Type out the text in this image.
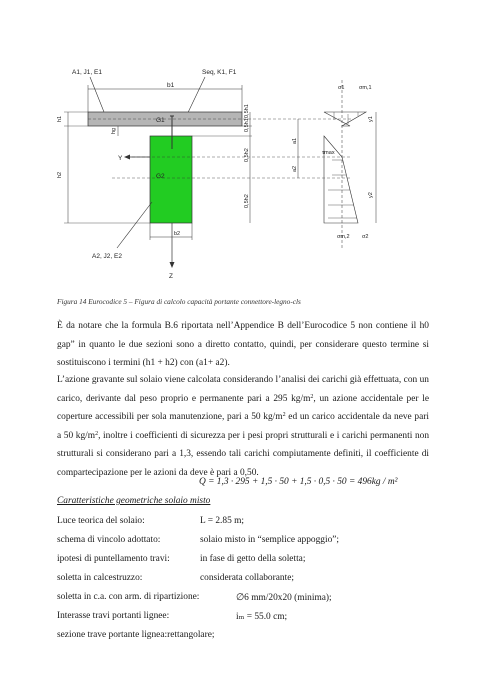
A1, J1, E1	Seq, K1, F1
b1
G1
G2
Y
Z
b2
A2, J2, E2
h1
h2
hg
0,5h1
0,5h1
0,5h2
0,5h2
a1
a2
σ1	σm,1
τmax
σm,2 σ2
y1
y2
Figura 14 Eurocodice 5 – Figura di calcolo capacità portante connettore-legno-cls
È da notare che la formula B.6 riportata nell’Appendice B dell’Eurocodice 5 non contiene il h0 gap” in quanto le due sezioni sono a diretto contatto, quindi, per considerare questo termine si sostituiscono i termini (h1 + h2) con (a1+ a2).
L’azione gravante sul solaio viene calcolata considerando l’analisi dei carichi già effettuata, con un carico, derivante dal peso proprio e permanente pari a 295 $kg/m^2$, un azione accidentale per le coperture accessibili per sola manutenzione, pari a 50 $kg/m^2$ ed un carico accidentale da neve pari a 50 $kg/m^2$, inoltre i coefficienti di sicurezza per i pesi propri strutturali e i carichi permanenti non strutturali si considerano pari a 1,3, essendo tali carichi compiutamente definiti, il coefficiente di compartecipazione per le azioni da deve è pari a 0,50.
Q = 1,3 · 295 + 1,5 · 50 + 1,5 · 0,5 · 50 = 496kg / m²
Caratteristiche geometriche solaio misto
Luce teorica del solaio:	L = 2.85 m;
schema di vincolo adottato:	solaio misto in “semplice appoggio”;
ipotesi di puntellamento travi:	in fase di getto della soletta;
soletta in calcestruzzo:	considerata collaborante;
soletta in c.a. con arm. di ripartizione:	∅6 mm/20x20 (minima);
Interasse travi portanti lignee:	iₘ = 55.0 cm;
sezione trave portante lignea:rettangolare;
